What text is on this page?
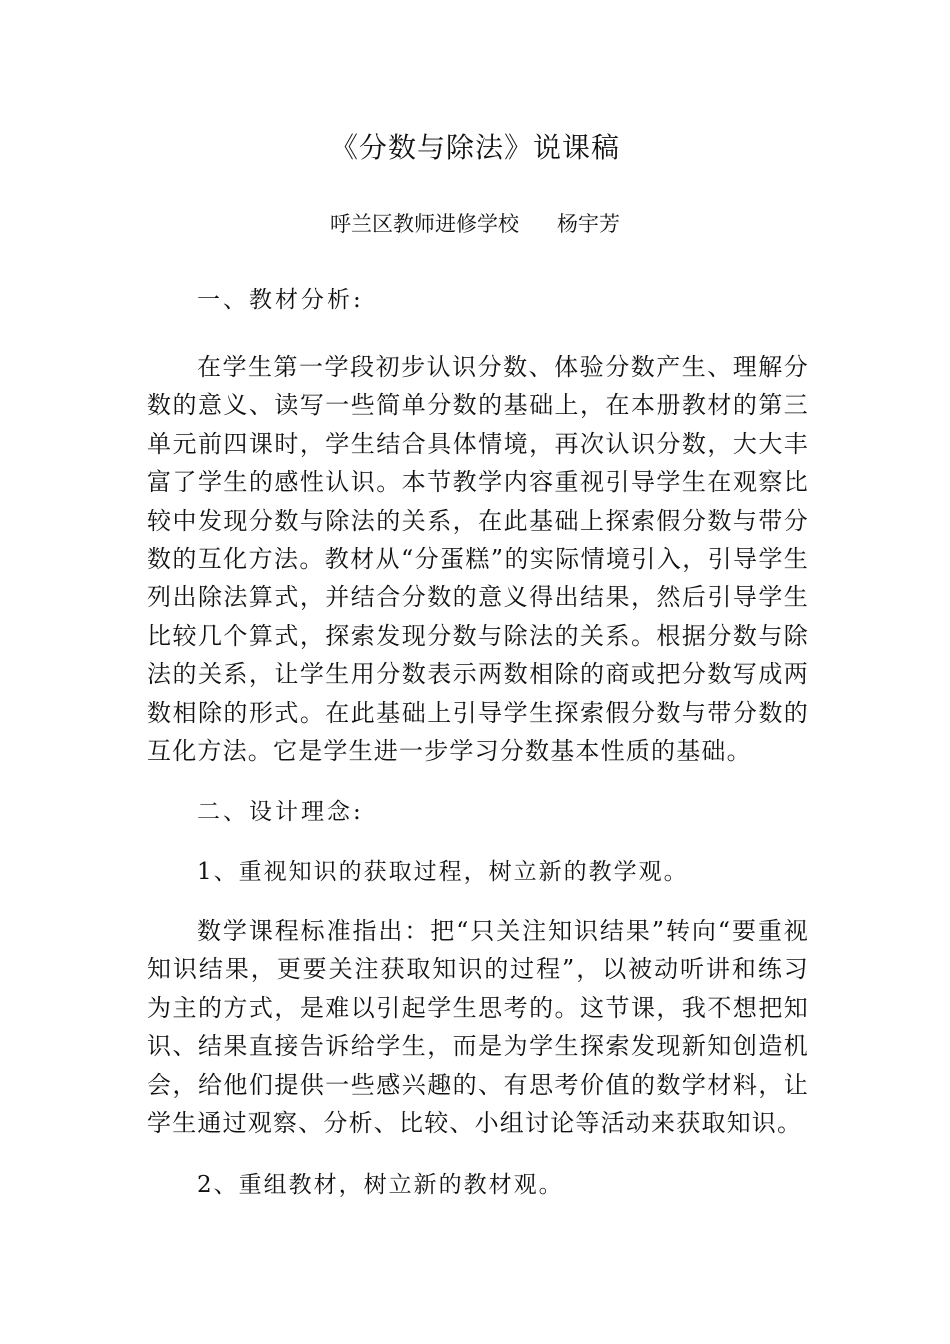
《分数与除法》说课稿
呼兰区教师进修学校 杨宇芳
一、教材分析:
在学生第一学段初步认识分数、体验分数产生、理解分数的意义、读写一些简单分数的基础上，在本册教材的第三单元前四课时，学生结合具体情境，再次认识分数，大大丰富了学生的感性认识。本节教学内容重视引导学生在观察比较中发现分数与除法的关系，在此基础上探索假分数与带分数的互化方法。教材从“分蛋糕”的实际情境引入，引导学生列出除法算式，并结合分数的意义得出结果，然后引导学生比较几个算式，探索发现分数与除法的关系。根据分数与除法的关系，让学生用分数表示两数相除的商或把分数写成两数相除的形式。在此基础上引导学生探索假分数与带分数的互化方法。它是学生进一步学习分数基本性质的基础。
二、设计理念:
1、重视知识的获取过程，树立新的教学观。
数学课程标准指出：把“只关注知识结果”转向“要重视知识结果，更要关注获取知识的过程”，以被动听讲和练习为主的方式，是难以引起学生思考的。这节课，我不想把知识、结果直接告诉给学生，而是为学生探索发现新知创造机会，给他们提供一些感兴趣的、有思考价值的数学材料，让学生通过观察、分析、比较、小组讨论等活动来获取知识。
2、重组教材，树立新的教材观。
